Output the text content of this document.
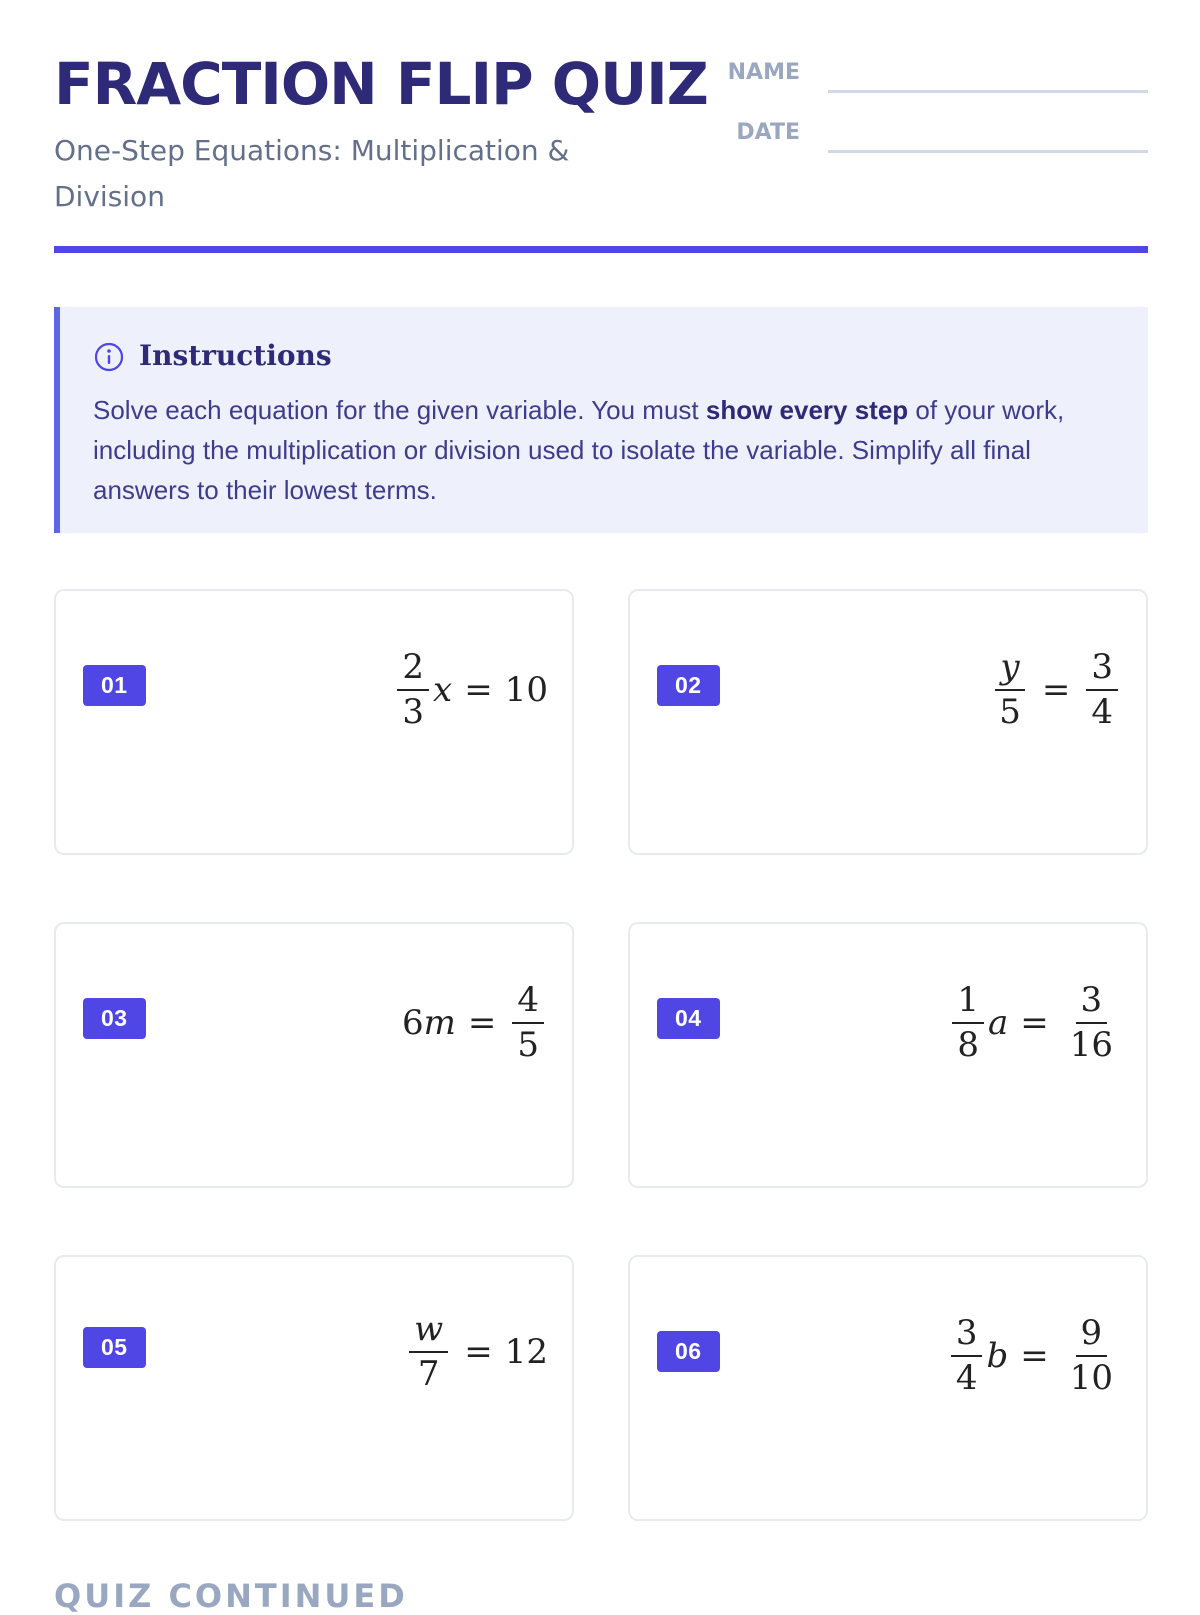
FRACTION FLIP QUIZ

One-Step Equations: Multiplication & Division

NAME
DATE
Instructions

Solve each equation for the given variable. You must show every step of your work, including the multiplication or division used to isolate the variable. Simplify all final answers to their lowest terms.

01	$\frac{2}{3}$ x = 10	02	$\frac{y}{5} = \frac{3}{4}$
03	6 $m = \frac{4}{5}$	04	$\frac{1}{8}$ $a = \frac{3}{16}$
05	$\frac{w}{7} = 12$	06	$\frac{3}{4}$ $b = \frac{9}{10}$

QUIZ CONTINUED
